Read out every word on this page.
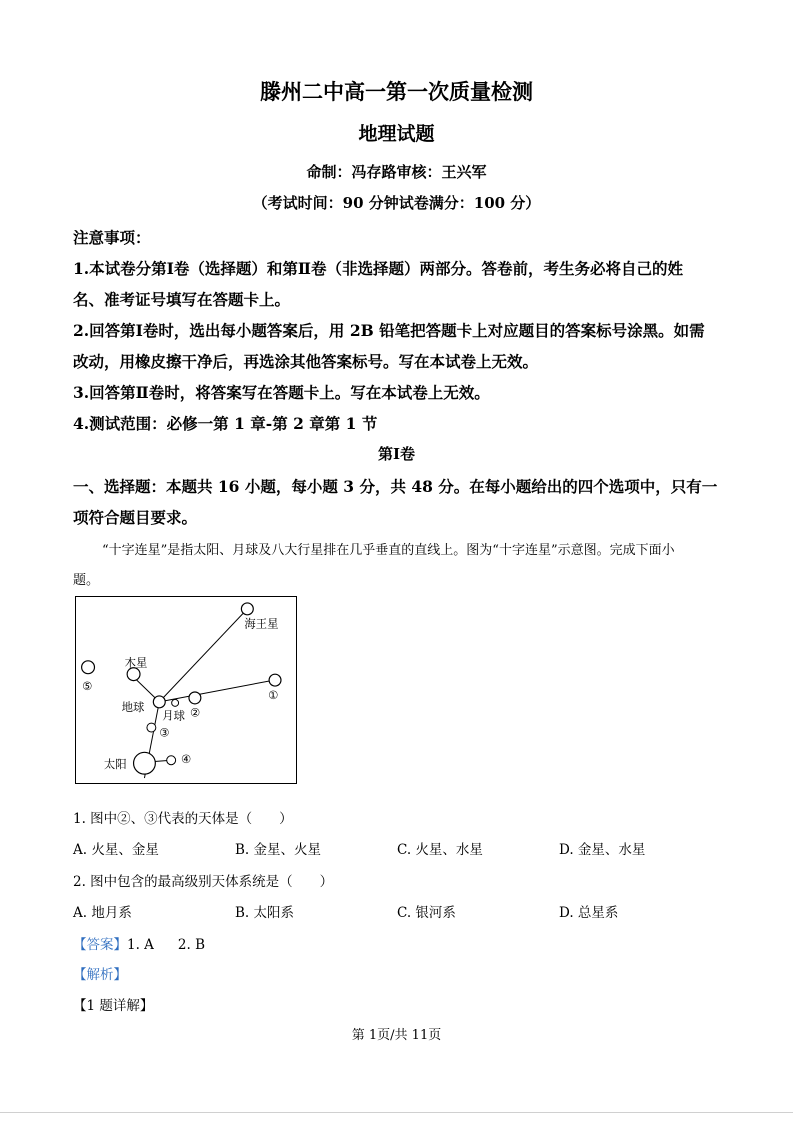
滕州二中高一第一次质量检测
地理试题
命制：冯存路审核：王兴军
（考试时间：90 分钟试卷满分：100 分）
注意事项：
1.本试卷分第Ⅰ卷（选择题）和第Ⅱ卷（非选择题）两部分。答卷前，考生务必将自己的姓
名、准考证号填写在答题卡上。
2.回答第Ⅰ卷时，选出每小题答案后，用 2B 铅笔把答题卡上对应题目的答案标号涂黑。如需
改动，用橡皮擦干净后，再选涂其他答案标号。写在本试卷上无效。
3.回答第Ⅱ卷时，将答案写在答题卡上。写在本试卷上无效。
4.测试范围：必修一第 1 章-第 2 章第 1 节
第Ⅰ卷
一、选择题：本题共 16 小题，每小题 3 分，共 48 分。在每小题给出的四个选项中，只有一
项符合题目要求。
“十字连星”是指太阳、月球及八大行星排在几乎垂直的直线上。图为“十字连星”示意图。完成下面小
题。
海王星
木星
⑤
①
地球
月球 ②
③
太阳	④
1. 图中②、③代表的天体是（　　）
A. 火星、金星	B. 金星、火星	C. 火星、水星	D. 金星、水星
2. 图中包含的最高级别天体系统是（　　）
A. 地月系	B. 太阳系	C. 银河系	D. 总星系
【答案】1. A 2. B
【解析】
【1 题详解】
第 1页/共 11页
